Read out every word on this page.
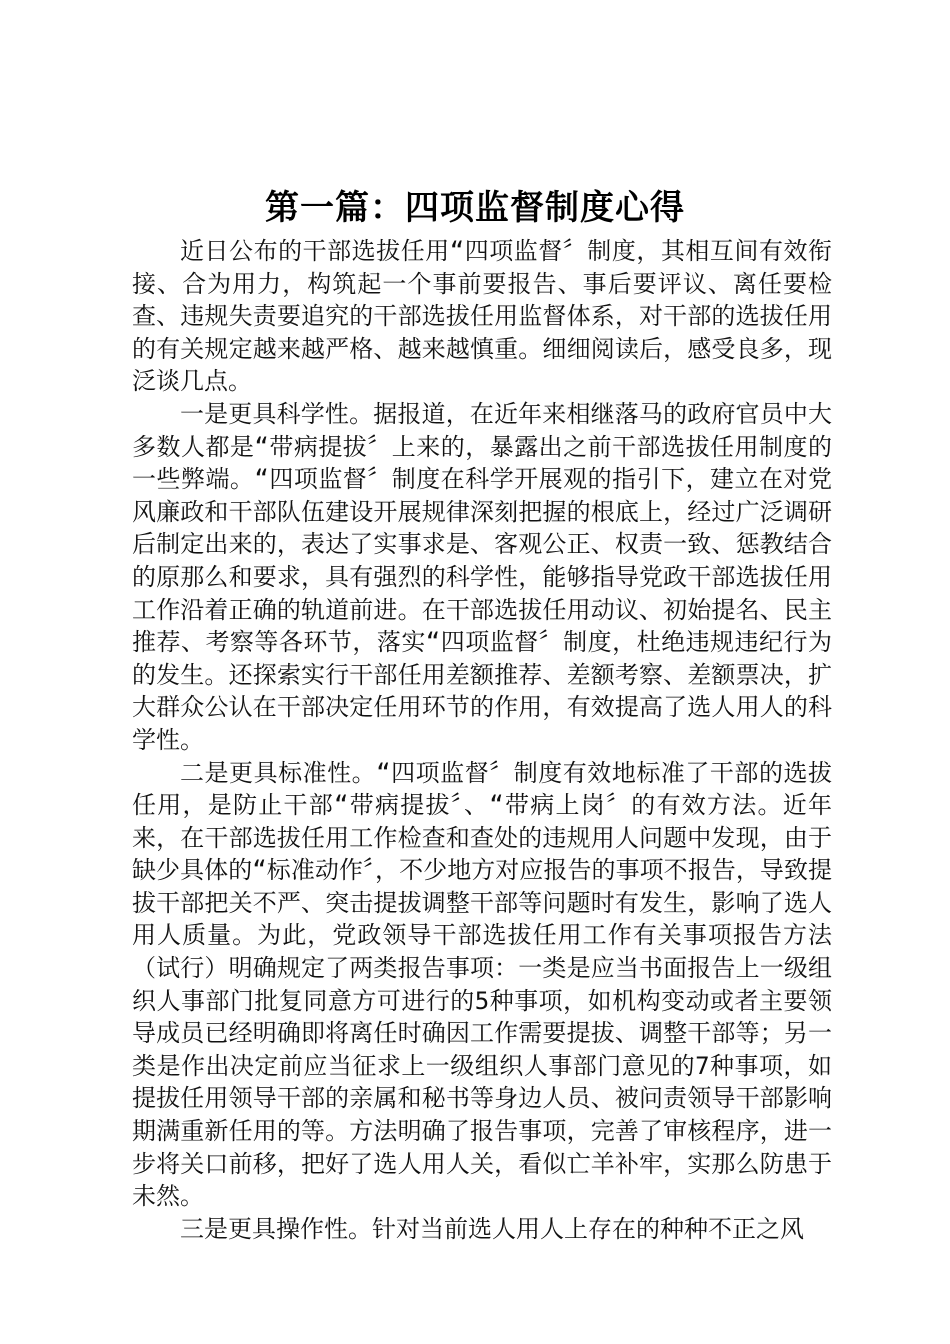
第一篇：四项监督制度心得

近日公布的干部选拔任用“四项监督〞制度，其相互间有效衔接、合为用力，构筑起一个事前要报告、事后要评议、离任要检查、违规失责要追究的干部选拔任用监督体系，对干部的选拔任用的有关规定越来越严格、越来越慎重。细细阅读后，感受良多，现泛谈几点。

一是更具科学性。据报道，在近年来相继落马的政府官员中大多数人都是“带病提拔〞上来的，暴露出之前干部选拔任用制度的一些弊端。“四项监督〞制度在科学开展观的指引下，建立在对党风廉政和干部队伍建设开展规律深刻把握的根底上，经过广泛调研后制定出来的，表达了实事求是、客观公正、权责一致、惩教结合的原那么和要求，具有强烈的科学性，能够指导党政干部选拔任用工作沿着正确的轨道前进。在干部选拔任用动议、初始提名、民主推荐、考察等各环节，落实“四项监督〞制度，杜绝违规违纪行为的发生。还探索实行干部任用差额推荐、差额考察、差额票决，扩大群众公认在干部决定任用环节的作用，有效提高了选人用人的科学性。

二是更具标准性。“四项监督〞制度有效地标准了干部的选拔任用，是防止干部“带病提拔〞、“带病上岗〞的有效方法。近年来，在干部选拔任用工作检查和查处的违规用人问题中发现，由于缺少具体的“标准动作〞，不少地方对应报告的事项不报告，导致提拔干部把关不严、突击提拔调整干部等问题时有发生，影响了选人用人质量。为此，党政领导干部选拔任用工作有关事项报告方法（试行）明确规定了两类报告事项：一类是应当书面报告上一级组织人事部门批复同意方可进行的5种事项，如机构变动或者主要领导成员已经明确即将离任时确因工作需要提拔、调整干部等；另一类是作出决定前应当征求上一级组织人事部门意见的7种事项，如提拔任用领导干部的亲属和秘书等身边人员、被问责领导干部影响期满重新任用的等。方法明确了报告事项，完善了审核程序，进一步将关口前移，把好了选人用人关，看似亡羊补牢，实那么防患于未然。

三是更具操作性。针对当前选人用人上存在的种种不正之风
